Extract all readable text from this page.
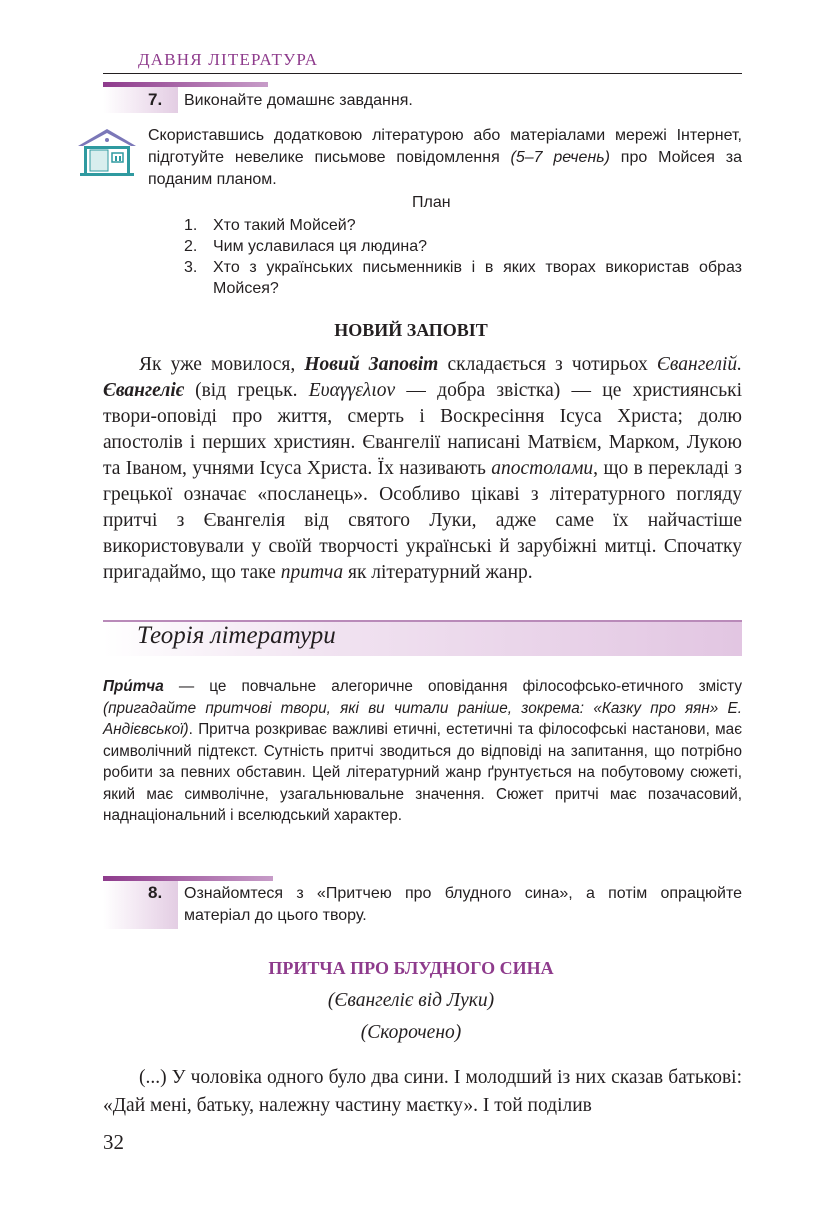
ДАВНЯ ЛІТЕРАТУРА
7. Виконайте домашнє завдання.
Скориставшись додатковою літературою або матеріалами мережі Інтернет, підготуйте невелике письмове повідомлення (5–7 речень) про Мойсея за поданим планом.
План
1. Хто такий Мойсей?
2. Чим уславилася ця людина?
3. Хто з українських письменників і в яких творах використав образ Мойсея?
НОВИЙ ЗАПОВІТ

Як уже мовилося, Новий Заповіт складається з чотирьох Євангелій. Євангеліє (від грецьк. Ευαγγελιον — добра звістка) — це християнські твори-оповіді про життя, смерть і Воскресіння Ісуса Христа; долю апостолів і перших християн. Євангелії написані Матвієм, Марком, Лукою та Іваном, учнями Ісуса Христа. Їх називають апостолами, що в перекладі з грецької означає «посланець». Особливо цікаві з літературного погляду притчі з Євангелія від святого Луки, адже саме їх найчастіше використовували у своїй творчості українські й зарубіжні митці. Спочатку пригадаймо, що таке притча як літературний жанр.

Теорія літератури
При́тча — це повчальне алегоричне оповідання філософсько-етичного змісту (пригадайте притчові твори, які ви читали раніше, зокрема: «Казку про яян» Е. Андієвської). Притча розкриває важливі етичні, естетичні та філософські настанови, має символічний підтекст. Сутність притчі зводиться до відповіді на запитання, що потрібно робити за певних обставин. Цей літературний жанр ґрунтується на побутовому сюжеті, який має символічне, узагальнювальне значення. Сюжет притчі має позачасовий, наднаціональний і вселюдський характер.
8. Ознайомтеся з «Притчею про блудного сина», а потім опрацюйте матеріал до цього твору.
ПРИТЧА ПРО БЛУДНОГО СИНА
(Євангеліє від Луки)
(Скорочено)
(...) У чоловіка одного було два сини. І молодший із них сказав батькові: «Дай мені, батьку, належну частину маєтку». І той поділив
32
